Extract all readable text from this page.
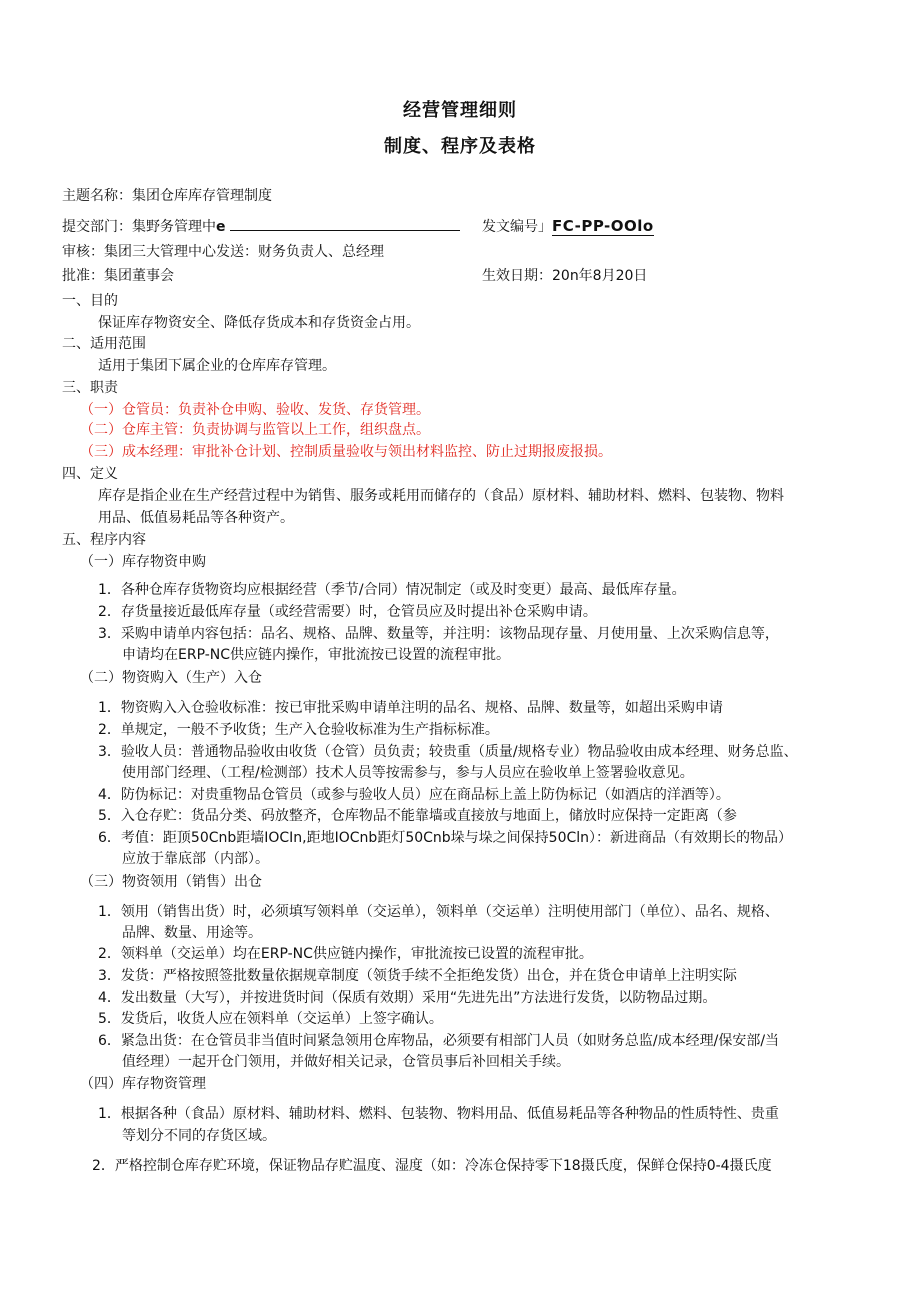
经营管理细则
制度、程序及表格
主题名称：集团仓库库存管理制度
提交部门：集野务管理中e	发文编号」FC-PP-OOlo
审核：集团三大管理中心发送：财务负责人、总经理
批准：集团董事会	生效日期：20n年8月20日
一、目的
保证库存物资安全、降低存货成本和存货资金占用。
二、适用范围
适用于集团下属企业的仓库库存管理。
三、职责
（一）仓管员：负责补仓申购、验收、发货、存货管理。
（二）仓库主管：负责协调与监管以上工作，组织盘点。
（三）成本经理：审批补仓计划、控制质量验收与领出材料监控、防止过期报废报损。
四、定义
库存是指企业在生产经营过程中为销售、服务或耗用而储存的（食品）原材料、辅助材料、燃料、包装物、物料
用品、低值易耗品等各种资产。
五、程序内容
（一）库存物资申购
1．各种仓库存货物资均应根据经营（季节/合同）情况制定（或及时变更）最高、最低库存量。
2．存货量接近最低库存量（或经营需要）时，仓管员应及时提出补仓采购申请。
3．采购申请单内容包括：品名、规格、品牌、数量等，并注明：该物品现存量、月使用量、上次采购信息等，
申请均在ERP-NC供应链内操作，审批流按已设置的流程审批。
（二）物资购入（生产）入仓
1．物资购入入仓验收标准：按已审批采购申请单注明的品名、规格、品牌、数量等，如超出采购申请
2．单规定，一般不予收货；生产入仓验收标准为生产指标标准。
3．验收人员：普通物品验收由收货（仓管）员负责；较贵重（质量/规格专业）物品验收由成本经理、财务总监、
使用部门经理、（工程/检测部）技术人员等按需参与，参与人员应在验收单上签署验收意见。
4．防伪标记：对贵重物品仓管员（或参与验收人员）应在商品标上盖上防伪标记（如酒店的洋酒等）。
5．入仓存贮：货品分类、码放整齐，仓库物品不能靠墙或直接放与地面上，储放时应保持一定距离（参
6．考值：距顶50Cnb距墙IOCIn,距地IOCnb距灯50Cnb垛与垛之间保持50Cln）：新进商品（有效期长的物品）
应放于靠底部（内部）。
（三）物资领用（销售）出仓
1．领用（销售出货）时，必须填写领料单（交运单），领料单（交运单）注明使用部门（单位）、品名、规格、
品牌、数量、用途等。
2．领料单（交运单）均在ERP-NC供应链内操作，审批流按已设置的流程审批。
3．发货：严格按照签批数量依据规章制度（领货手续不全拒绝发货）出仓，并在货仓申请单上注明实际
4．发出数量（大写），并按进货时间（保质有效期）采用“先进先出”方法进行发货，以防物品过期。
5．发货后，收货人应在领料单（交运单）上签字确认。
6．紧急出货：在仓管员非当值时间紧急领用仓库物品，必须要有相部门人员（如财务总监/成本经理/保安部/当
值经理）一起开仓门领用，并做好相关记录，仓管员事后补回相关手续。
（四）库存物资管理
1．根据各种（食品）原材料、辅助材料、燃料、包装物、物料用品、低值易耗品等各种物品的性质特性、贵重
等划分不同的存货区域。
2．严格控制仓库存贮环境，保证物品存贮温度、湿度（如：冷冻仓保持零下18摄氏度，保鲜仓保持0-4摄氏度
